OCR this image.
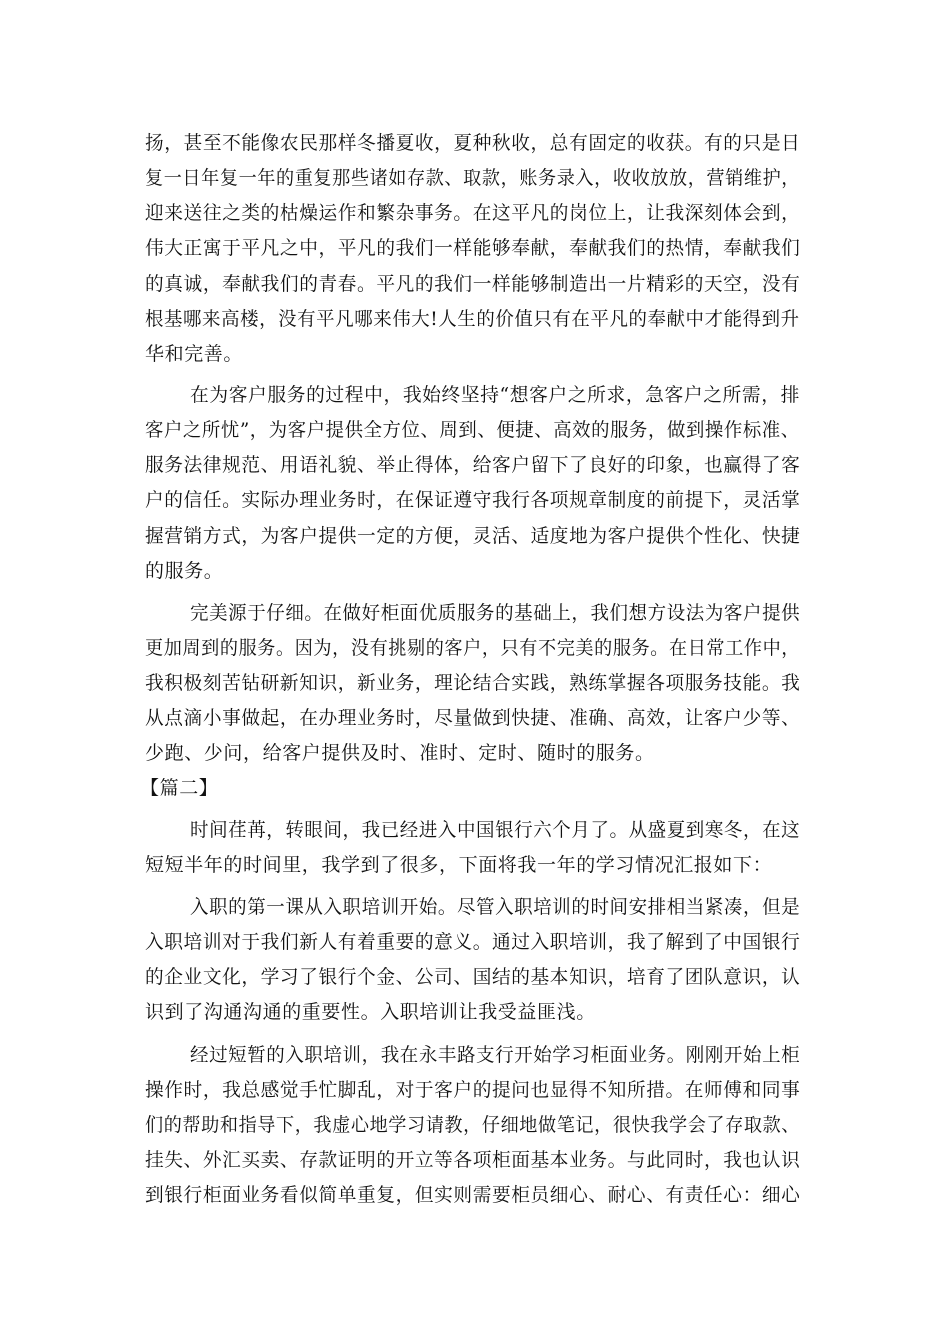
扬，甚至不能像农民那样冬播夏收，夏种秋收，总有固定的收获。有的只是日
复一日年复一年的重复那些诸如存款、取款，账务录入，收收放放，营销维护，
迎来送往之类的枯燥运作和繁杂事务。在这平凡的岗位上，让我深刻体会到，
伟大正寓于平凡之中，平凡的我们一样能够奉献，奉献我们的热情，奉献我们
的真诚，奉献我们的青春。平凡的我们一样能够制造出一片精彩的天空，没有
根基哪来高楼，没有平凡哪来伟大!人生的价值只有在平凡的奉献中才能得到升
华和完善。
在为客户服务的过程中，我始终坚持“想客户之所求，急客户之所需，排
客户之所忧”，为客户提供全方位、周到、便捷、高效的服务，做到操作标准、
服务法律规范、用语礼貌、举止得体，给客户留下了良好的印象，也赢得了客
户的信任。实际办理业务时，在保证遵守我行各项规章制度的前提下，灵活掌
握营销方式，为客户提供一定的方便，灵活、适度地为客户提供个性化、快捷
的服务。
完美源于仔细。在做好柜面优质服务的基础上，我们想方设法为客户提供
更加周到的服务。因为，没有挑剔的客户，只有不完美的服务。在日常工作中，
我积极刻苦钻研新知识，新业务，理论结合实践，熟练掌握各项服务技能。我
从点滴小事做起，在办理业务时，尽量做到快捷、准确、高效，让客户少等、
少跑、少问，给客户提供及时、准时、定时、随时的服务。
【篇二】
时间荏苒，转眼间，我已经进入中国银行六个月了。从盛夏到寒冬，在这
短短半年的时间里，我学到了很多，下面将我一年的学习情况汇报如下：
入职的第一课从入职培训开始。尽管入职培训的时间安排相当紧凑，但是
入职培训对于我们新人有着重要的意义。通过入职培训，我了解到了中国银行
的企业文化，学习了银行个金、公司、国结的基本知识，培育了团队意识，认
识到了沟通沟通的重要性。入职培训让我受益匪浅。
经过短暂的入职培训，我在永丰路支行开始学习柜面业务。刚刚开始上柜
操作时，我总感觉手忙脚乱，对于客户的提问也显得不知所措。在师傅和同事
们的帮助和指导下，我虚心地学习请教，仔细地做笔记，很快我学会了存取款、
挂失、外汇买卖、存款证明的开立等各项柜面基本业务。与此同时，我也认识
到银行柜面业务看似简单重复，但实则需要柜员细心、耐心、有责任心：细心
